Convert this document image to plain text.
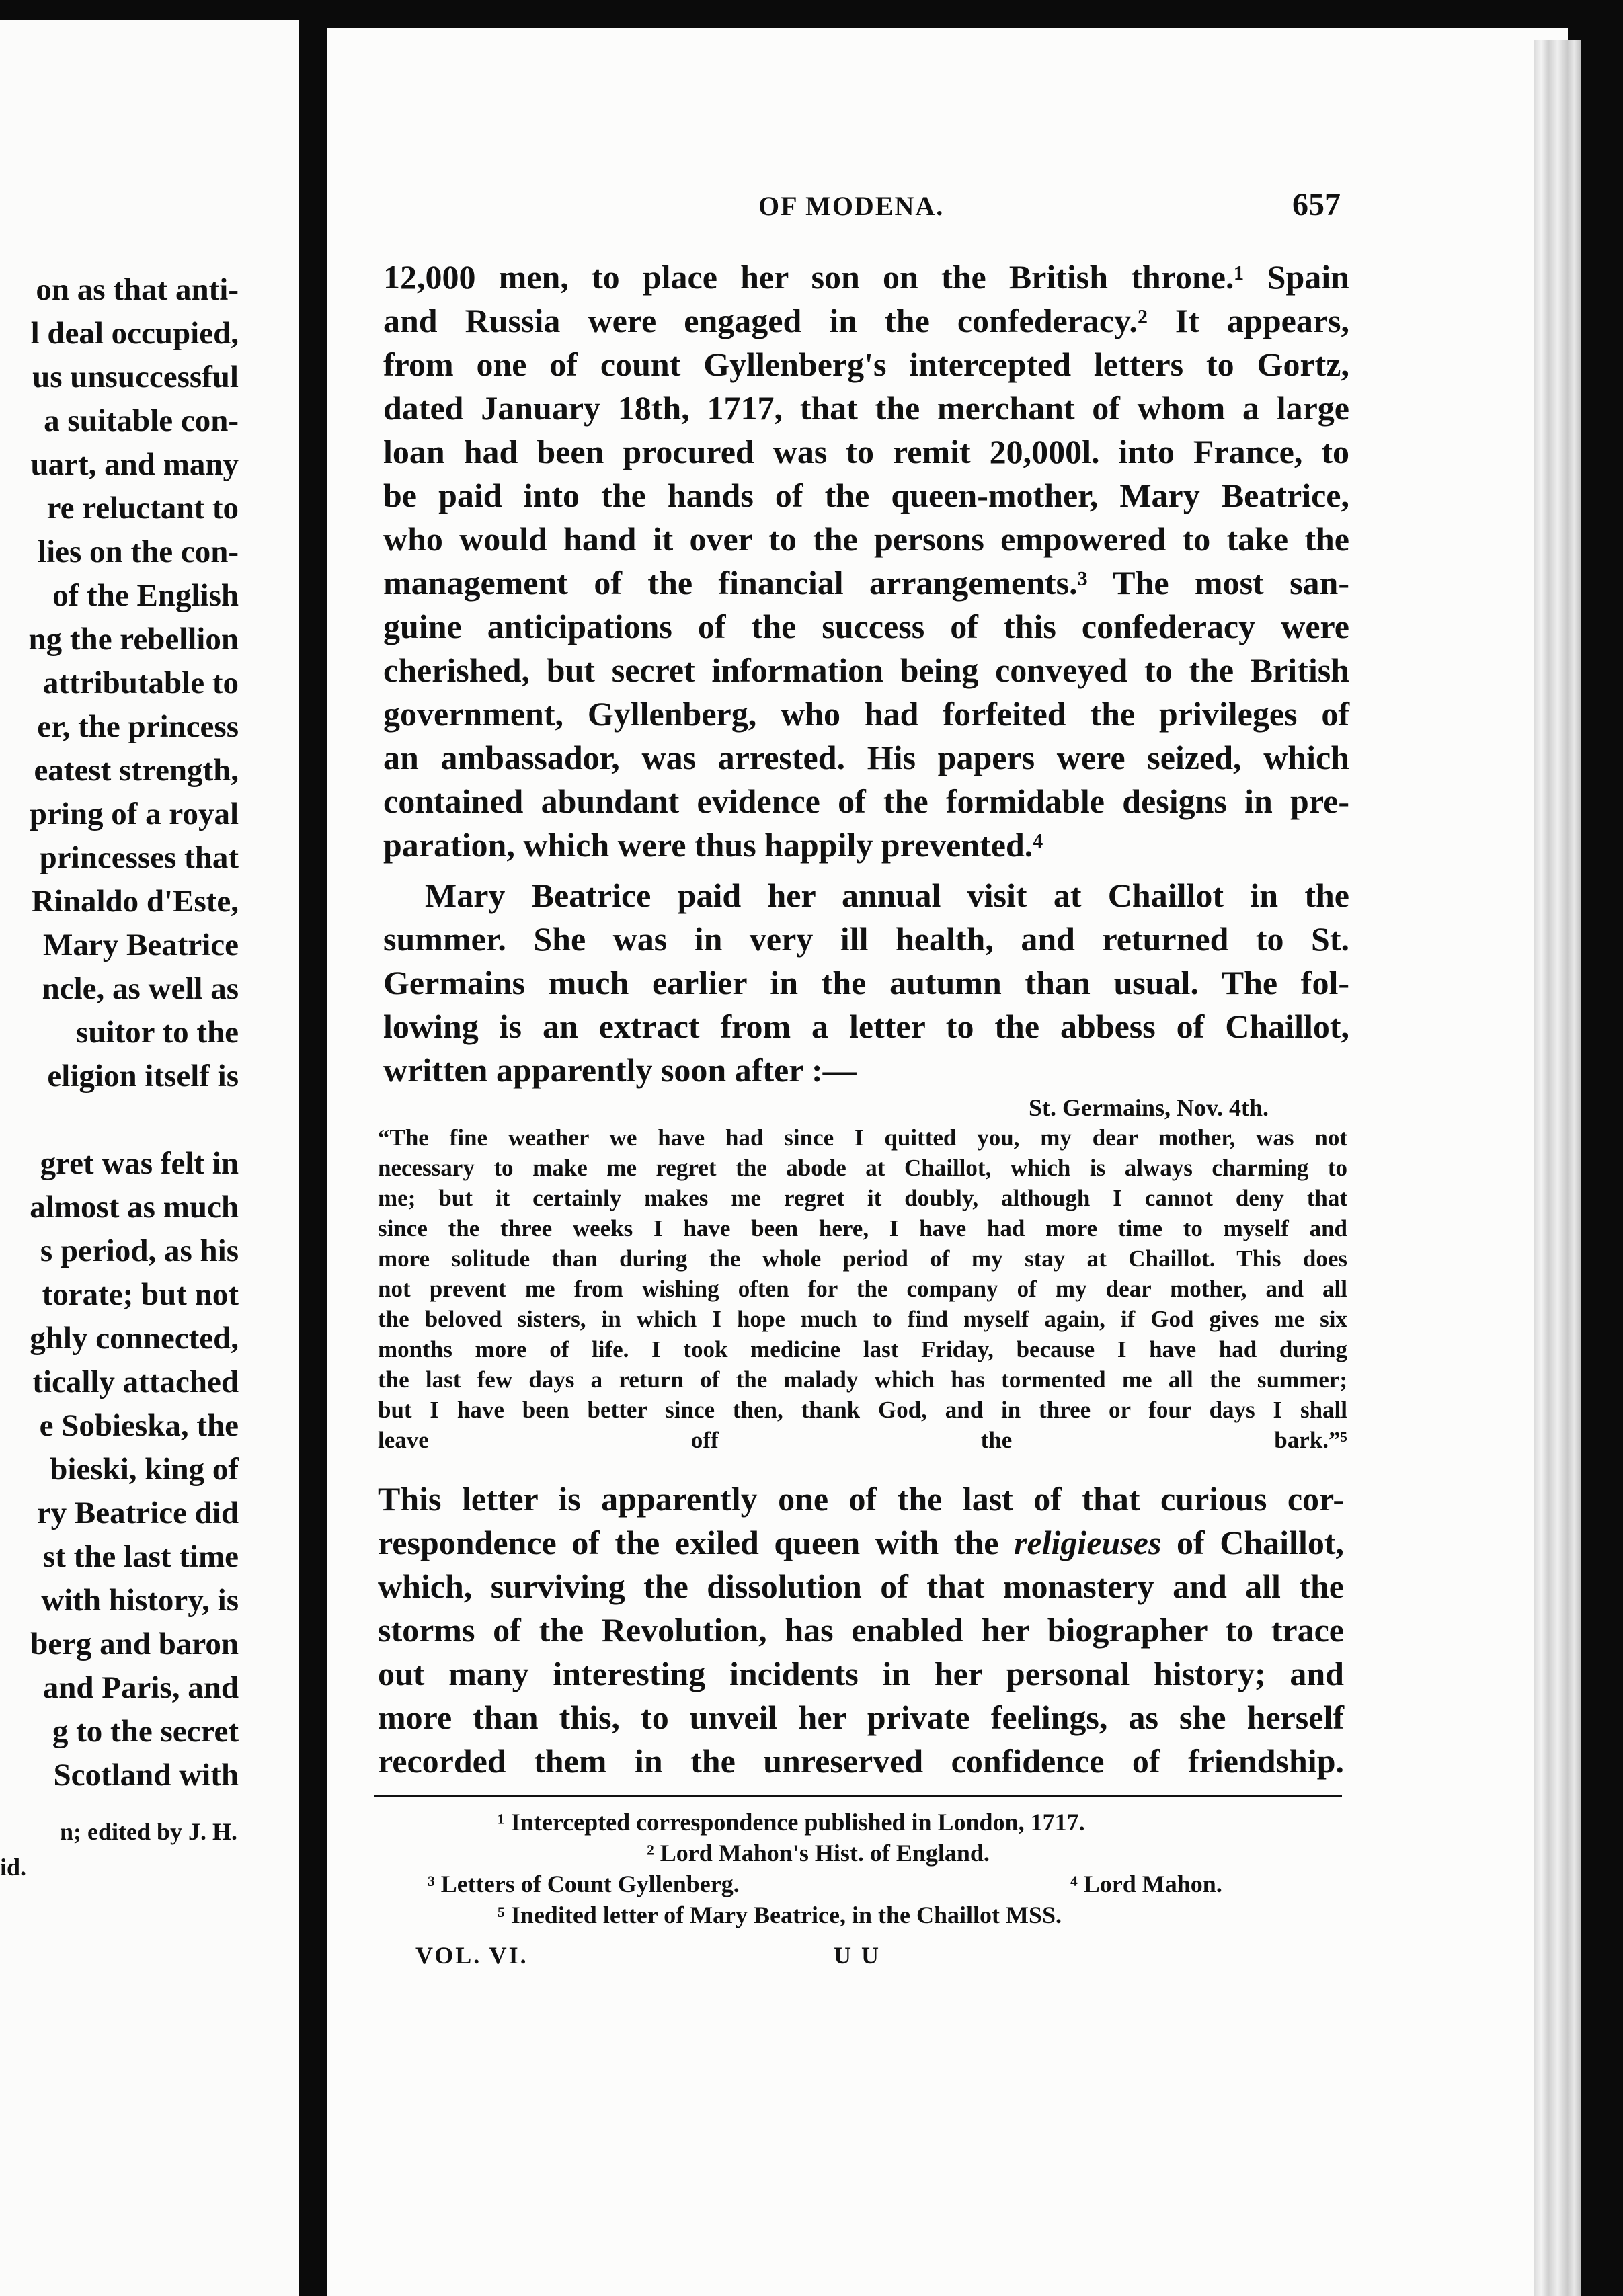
on as that anti-
l deal occupied,
us unsuccessful
a suitable con-
uart, and many
re reluctant to
lies on the con-
of the English
ng the rebellion
attributable to
er, the princess
eatest strength,
pring of a royal
princesses that
Rinaldo d'Este,
Mary Beatrice
ncle, as well as
suitor to the
eligion itself is
gret was felt in
almost as much
s period, as his
torate; but not
ghly connected,
tically attached
e Sobieska, the
bieski, king of
ry Beatrice did
st the last time
with history, is
berg and baron
and Paris, and
g to the secret
Scotland with
n; edited by J. H.
id.
OF MODENA.	657
12,000 men, to place her son on the British throne.¹ Spain
and Russia were engaged in the confederacy.² It appears,
from one of count Gyllenberg's intercepted letters to Gortz,
dated January 18th, 1717, that the merchant of whom a large
loan had been procured was to remit 20,000l. into France, to
be paid into the hands of the queen-mother, Mary Beatrice,
who would hand it over to the persons empowered to take the
management of the financial arrangements.³ The most san-
guine anticipations of the success of this confederacy were
cherished, but secret information being conveyed to the British
government, Gyllenberg, who had forfeited the privileges of
an ambassador, was arrested. His papers were seized, which
contained abundant evidence of the formidable designs in pre-
paration, which were thus happily prevented.⁴
Mary Beatrice paid her annual visit at Chaillot in the
summer. She was in very ill health, and returned to St.
Germains much earlier in the autumn than usual. The fol-
lowing is an extract from a letter to the abbess of Chaillot,
written apparently soon after :—
St. Germains, Nov. 4th.
“The fine weather we have had since I quitted you, my dear mother, was not
necessary to make me regret the abode at Chaillot, which is always charming to
me; but it certainly makes me regret it doubly, although I cannot deny that
since the three weeks I have been here, I have had more time to myself and
more solitude than during the whole period of my stay at Chaillot. This does
not prevent me from wishing often for the company of my dear mother, and all
the beloved sisters, in which I hope much to find myself again, if God gives me six
months more of life. I took medicine last Friday, because I have had during
the last few days a return of the malady which has tormented me all the summer;
but I have been better since then, thank God, and in three or four days I shall
leave off the bark.”⁵
This letter is apparently one of the last of that curious cor-
respondence of the exiled queen with the religieuses of Chaillot,
which, surviving the dissolution of that monastery and all the
storms of the Revolution, has enabled her biographer to trace
out many interesting incidents in her personal history; and
more than this, to unveil her private feelings, as she herself
recorded them in the unreserved confidence of friendship.
¹ Intercepted correspondence published in London, 1717.
² Lord Mahon's Hist. of England.
³ Letters of Count Gyllenberg.	⁴ Lord Mahon.
⁵ Inedited letter of Mary Beatrice, in the Chaillot MSS.
VOL. VI.	U U
